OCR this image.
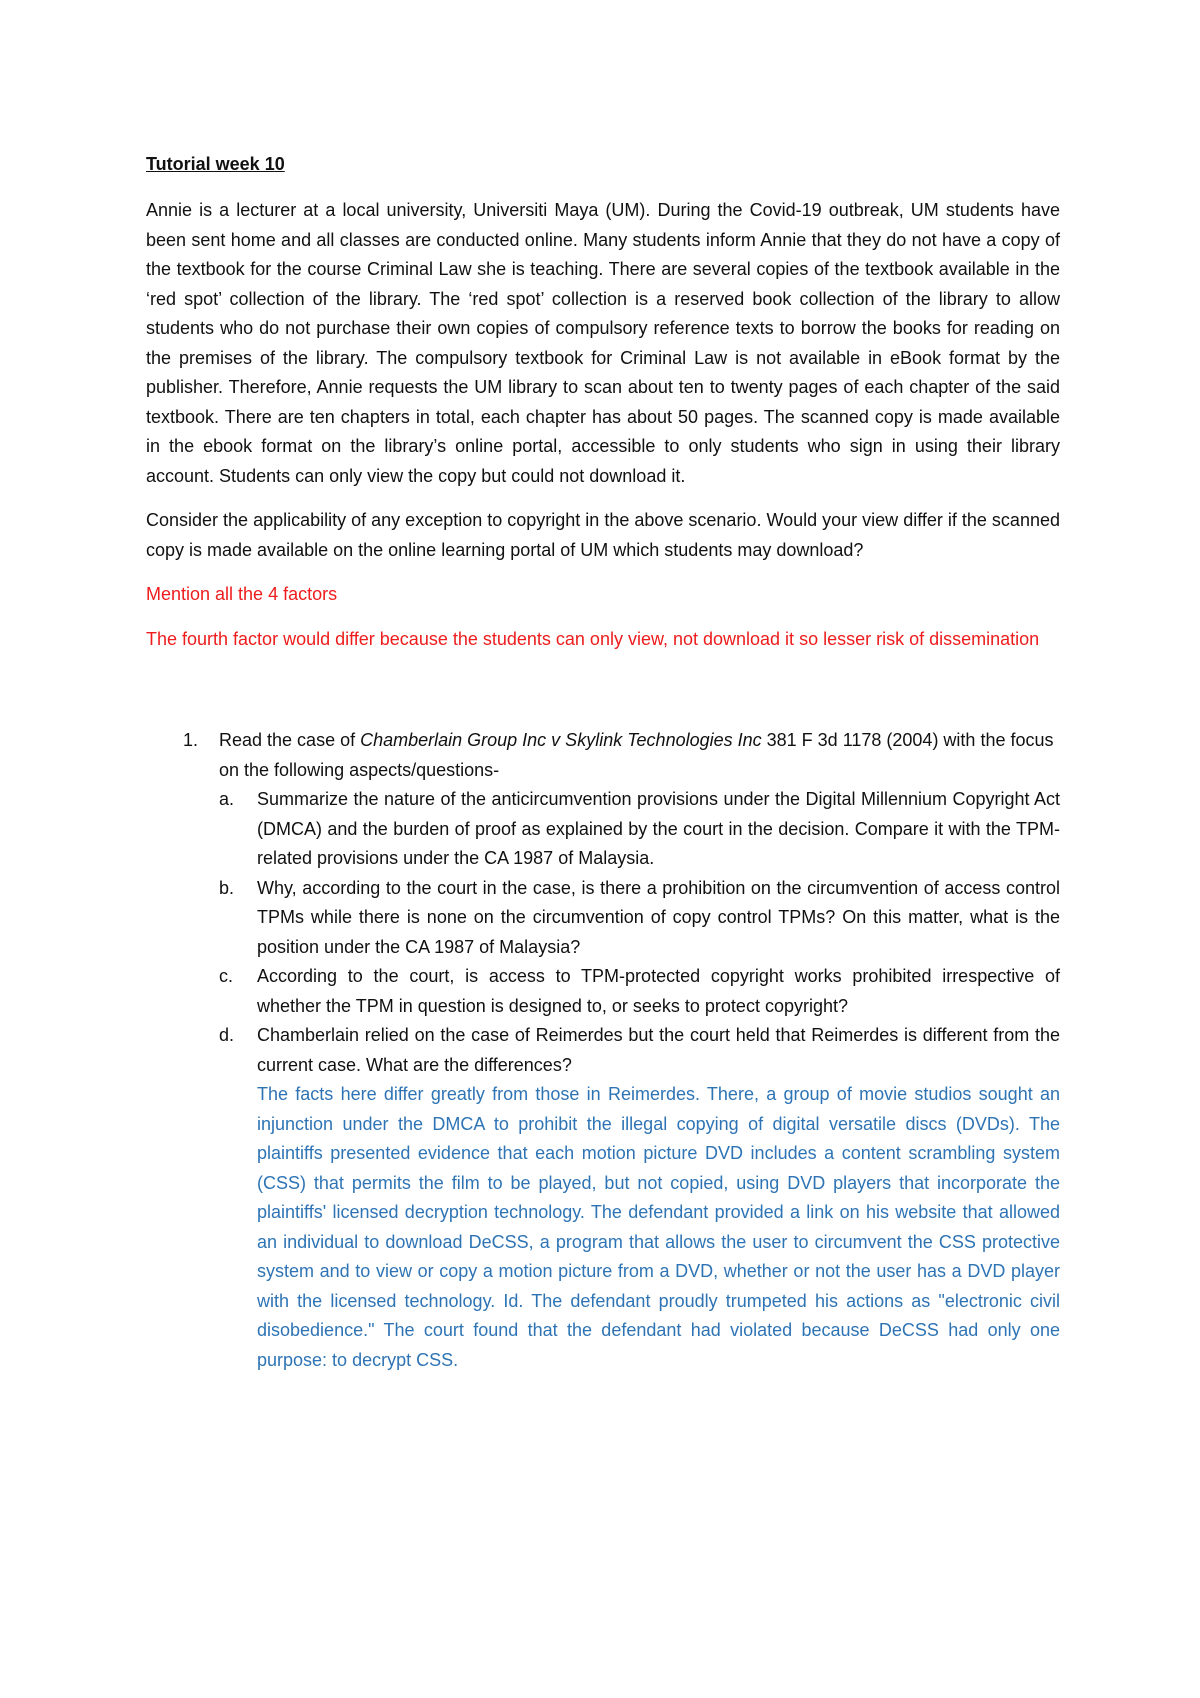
Tutorial week 10

Annie is a lecturer at a local university, Universiti Maya (UM). During the Covid-19 outbreak, UM students have been sent home and all classes are conducted online. Many students inform Annie that they do not have a copy of the textbook for the course Criminal Law she is teaching. There are several copies of the textbook available in the ‘red spot’ collection of the library. The ‘red spot’ collection is a reserved book collection of the library to allow students who do not purchase their own copies of compulsory reference texts to borrow the books for reading on the premises of the library. The compulsory textbook for Criminal Law is not available in eBook format by the publisher. Therefore, Annie requests the UM library to scan about ten to twenty pages of each chapter of the said textbook. There are ten chapters in total, each chapter has about 50 pages. The scanned copy is made available in the ebook format on the library’s online portal, accessible to only students who sign in using their library account. Students can only view the copy but could not download it.

Consider the applicability of any exception to copyright in the above scenario. Would your view differ if the scanned copy is made available on the online learning portal of UM which students may download?

Mention all the 4 factors

The fourth factor would differ because the students can only view, not download it so lesser risk of dissemination

1. Read the case of Chamberlain Group Inc v Skylink Technologies Inc 381 F 3d 1178 (2004) with the focus on the following aspects/questions-
a. Summarize the nature of the anticircumvention provisions under the Digital Millennium Copyright Act (DMCA) and the burden of proof as explained by the court in the decision. Compare it with the TPM-related provisions under the CA 1987 of Malaysia.
b. Why, according to the court in the case, is there a prohibition on the circumvention of access control TPMs while there is none on the circumvention of copy control TPMs? On this matter, what is the position under the CA 1987 of Malaysia?
c. According to the court, is access to TPM-protected copyright works prohibited irrespective of whether the TPM in question is designed to, or seeks to protect copyright?
d. Chamberlain relied on the case of Reimerdes but the court held that Reimerdes is different from the current case. What are the differences?
The facts here differ greatly from those in Reimerdes. There, a group of movie studios sought an injunction under the DMCA to prohibit the illegal copying of digital versatile discs (DVDs). The plaintiffs presented evidence that each motion picture DVD includes a content scrambling system (CSS) that permits the film to be played, but not copied, using DVD players that incorporate the plaintiffs' licensed decryption technology. The defendant provided a link on his website that allowed an individual to download DeCSS, a program that allows the user to circumvent the CSS protective system and to view or copy a motion picture from a DVD, whether or not the user has a DVD player with the licensed technology. Id. The defendant proudly trumpeted his actions as "electronic civil disobedience." The court found that the defendant had violated because DeCSS had only one purpose: to decrypt CSS.
